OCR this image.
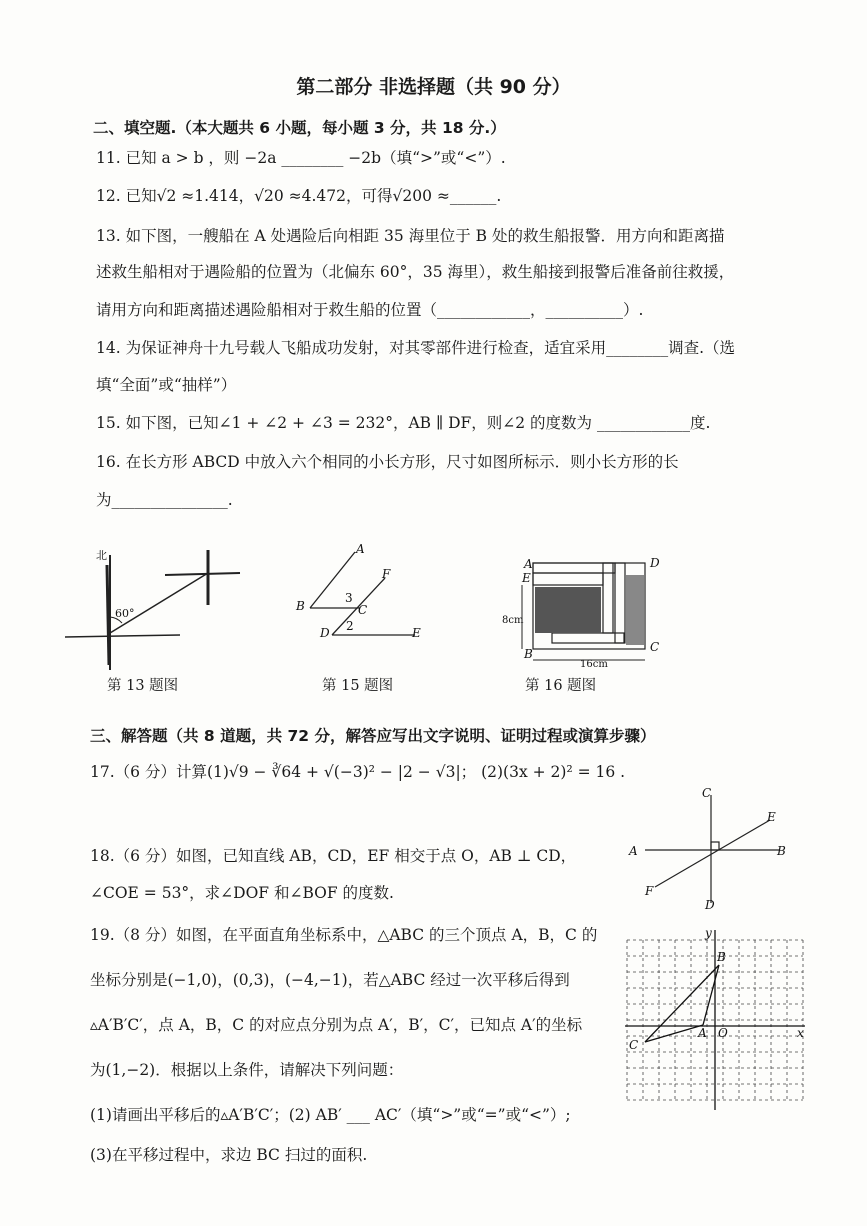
第二部分 非选择题（共 90 分）
二、填空题.（本大题共 6 小题，每小题 3 分，共 18 分.）
11. 已知 a > b ，则 −2a ________ −2b（填“>”或“<”）.
12. 已知√2 ≈1.414，√20 ≈4.472，可得√200 ≈______.
13. 如下图，一艘船在 A 处遇险后向相距 35 海里位于 B 处的救生船报警．用方向和距离描
述救生船相对于遇险船的位置为（北偏东 60°，35 海里），救生船接到报警后准备前往救援，
请用方向和距离描述遇险船相对于救生船的位置（____________，__________）.
14. 为保证神舟十九号载人飞船成功发射，对其零部件进行检查，适宜采用________调查.（选
填“全面”或“抽样”）
15. 如下图，已知∠1 + ∠2 + ∠3 = 232°，AB ∥ DF，则∠2 的度数为 ____________度.
16. 在长方形 ABCD 中放入六个相同的小长方形，尺寸如图所标示．则小长方形的长
为_______________.
北
60°
第 13 题图
A
F
B
3
C
D 2	E
第 15 题图
A	D
E
B	C
8cm
16cm
第 16 题图
三、解答题（共 8 道题，共 72 分，解答应写出文字说明、证明过程或演算步骤）
17.（6 分）计算(1)√9 − ∛64 + √(−3)² − |2 − √3|； (2)(3x + 2)² = 16 .
C
E
A	B
F
D
18.（6 分）如图，已知直线 AB，CD，EF 相交于点 O，AB ⊥ CD，
∠COE = 53°，求∠DOF 和∠BOF 的度数.
19.（8 分）如图，在平面直角坐标系中，△ABC 的三个顶点 A，B，C 的
坐标分别是(−1,0)，(0,3)，(−4,−1)，若△ABC 经过一次平移后得到
▵A′B′C′，点 A，B，C 的对应点分别为点 A′，B′，C′，已知点 A′的坐标
为(1,−2)．根据以上条件，请解决下列问题：
(1)请画出平移后的▵A′B′C′；(2) AB′ ___ AC′（填“>”或“=”或“<”）;
(3)在平移过程中，求边 BC 扫过的面积.
y
B
C
A O	x
